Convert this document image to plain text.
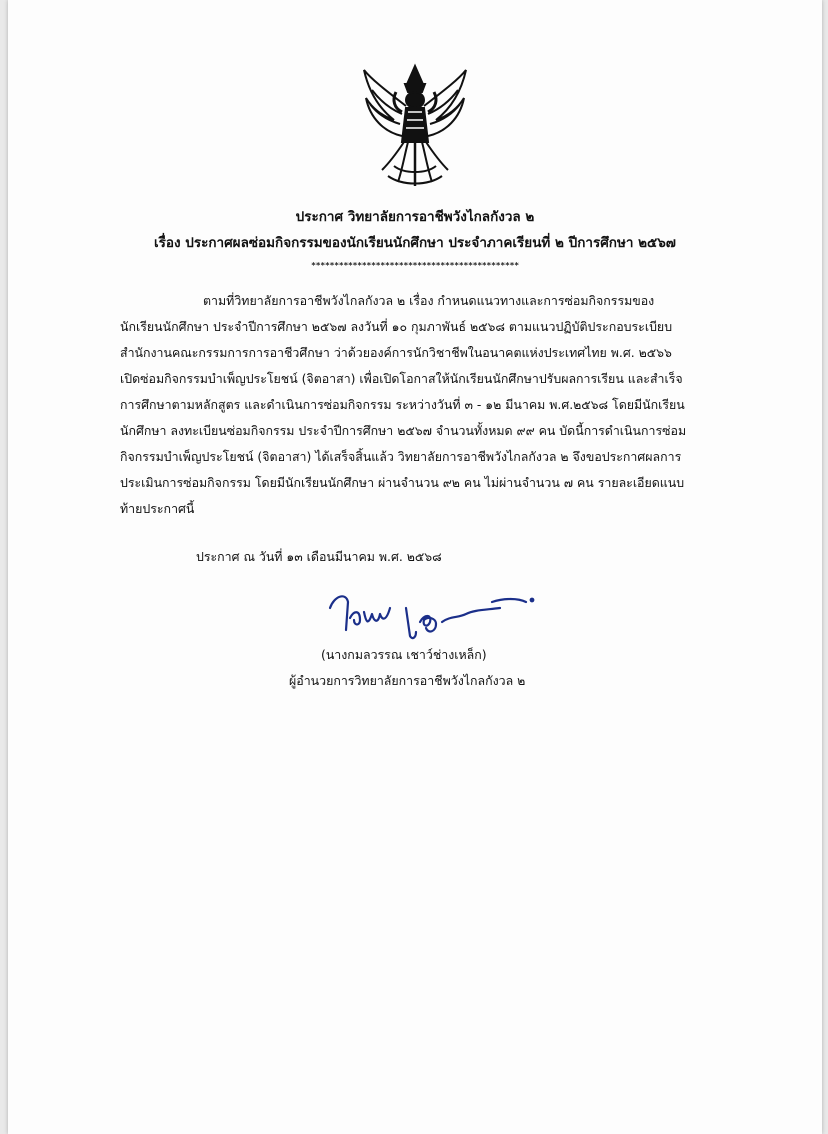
ประกาศ วิทยาลัยการอาชีพวังไกลกังวล ๒
เรื่อง ประกาศผลซ่อมกิจกรรมของนักเรียนนักศึกษา ประจำภาคเรียนที่ ๒ ปีการศึกษา ๒๕๖๗
*********************************************
ตามที่วิทยาลัยการอาชีพวังไกลกังวล ๒ เรื่อง กำหนดแนวทางและการซ่อมกิจกรรมของ
นักเรียนนักศึกษา ประจำปีการศึกษา ๒๕๖๗ ลงวันที่ ๑๐ กุมภาพันธ์ ๒๕๖๘ ตามแนวปฏิบัติประกอบระเบียบ
สำนักงานคณะกรรมการการอาชีวศึกษา ว่าด้วยองค์การนักวิชาชีพในอนาคตแห่งประเทศไทย พ.ศ. ๒๕๖๖
เปิดซ่อมกิจกรรมบำเพ็ญประโยชน์ (จิตอาสา) เพื่อเปิดโอกาสให้นักเรียนนักศึกษาปรับผลการเรียน และสำเร็จ
การศึกษาตามหลักสูตร และดำเนินการซ่อมกิจกรรม ระหว่างวันที่ ๓ - ๑๒ มีนาคม พ.ศ.๒๕๖๘ โดยมีนักเรียน
นักศึกษา ลงทะเบียนซ่อมกิจกรรม ประจำปีการศึกษา ๒๕๖๗ จำนวนทั้งหมด ๙๙ คน บัดนี้การดำเนินการซ่อม
กิจกรรมบำเพ็ญประโยชน์ (จิตอาสา) ได้เสร็จสิ้นแล้ว วิทยาลัยการอาชีพวังไกลกังวล ๒ จึงขอประกาศผลการ
ประเมินการซ่อมกิจกรรม โดยมีนักเรียนนักศึกษา ผ่านจำนวน ๙๒ คน ไม่ผ่านจำนวน ๗ คน รายละเอียดแนบ
ท้ายประกาศนี้
ประกาศ ณ วันที่ ๑๓ เดือนมีนาคม พ.ศ. ๒๕๖๘
(นางกมลวรรณ เชาว์ช่างเหล็ก)
ผู้อำนวยการวิทยาลัยการอาชีพวังไกลกังวล ๒
